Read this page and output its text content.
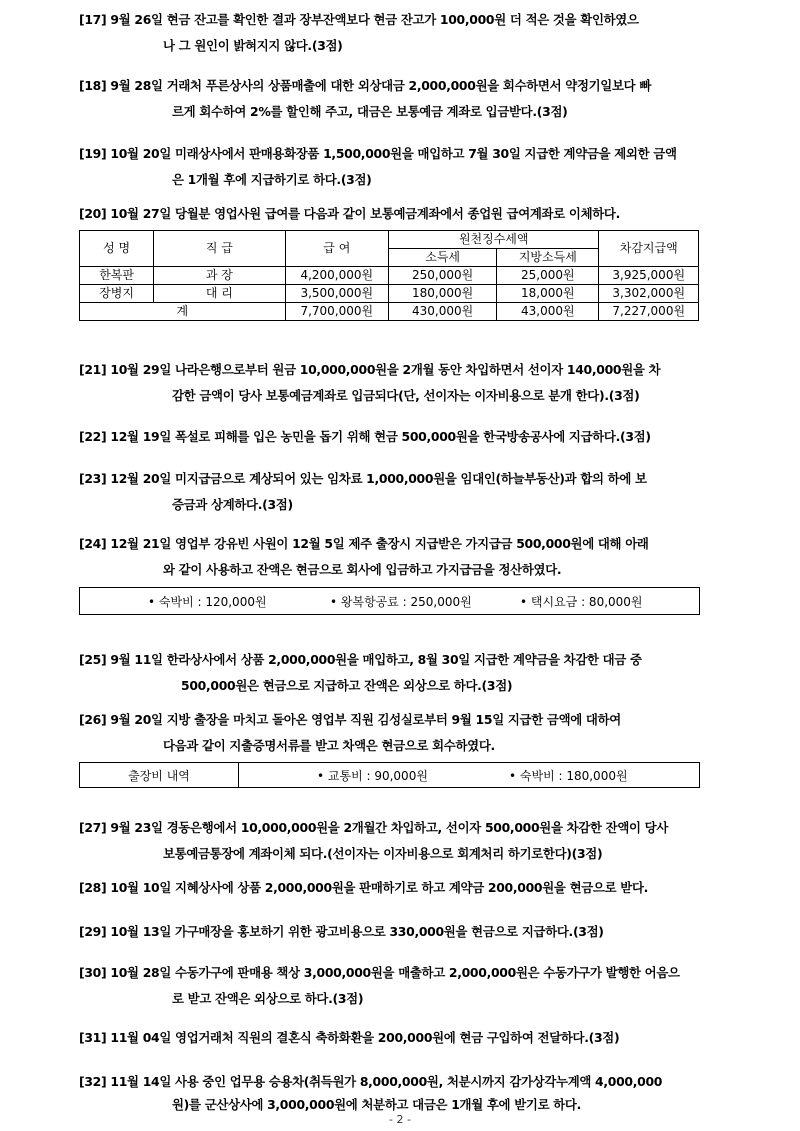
[17] 9월 26일 현금 잔고를 확인한 결과 장부잔액보다 현금 잔고가 100,000원 더 적은 것을 확인하였으
나 그 원인이 밝혀지지 않다.(3점)
[18] 9월 28일 거래처 푸른상사의 상품매출에 대한 외상대금 2,000,000원을 회수하면서 약정기일보다 빠
르게 회수하여 2%를 할인해 주고, 대금은 보통예금 계좌로 입금받다.(3점)
[19] 10월 20일 미래상사에서 판매용화장품 1,500,000원을 매입하고 7월 30일 지급한 계약금을 제외한 금액
은 1개월 후에 지급하기로 하다.(3점)
[20] 10월 27일 당월분 영업사원 급여를 다음과 같이 보통예금계좌에서 종업원 급여계좌로 이체하다.
성 명	직 급	급 여	원천징수세액		차감지급액
			소득세	지방소득세	
한복판	과 장	4,200,000원	250,000원	25,000원	3,925,000원
장병지	대 리	3,500,000원	180,000원	18,000원	3,302,000원
계		7,700,000원	430,000원	43,000원	7,227,000원
[21] 10월 29일 나라은행으로부터 원금 10,000,000원을 2개월 동안 차입하면서 선이자 140,000원을 차
감한 금액이 당사 보통예금계좌로 입금되다(단, 선이자는 이자비용으로 분개 한다).(3점)
[22] 12월 19일 폭설로 피해를 입은 농민을 돕기 위해 현금 500,000원을 한국방송공사에 지급하다.(3점)
[23] 12월 20일 미지급금으로 계상되어 있는 임차료 1,000,000원을 임대인(하늘부동산)과 합의 하에 보
증금과 상계하다.(3점)
[24] 12월 21일 영업부 강유빈 사원이 12월 5일 제주 출장시 지급받은 가지급금 500,000원에 대해 아래
와 같이 사용하고 잔액은 현금으로 회사에 입금하고 가지급금을 정산하였다.
• 숙박비 : 120,000원	• 왕복항공료 : 250,000원	• 택시요금 : 80,000원
[25] 9월 11일 한라상사에서 상품 2,000,000원을 매입하고, 8월 30일 지급한 계약금을 차감한 대금 중
500,000원은 현금으로 지급하고 잔액은 외상으로 하다.(3점)
[26] 9월 20일 지방 출장을 마치고 돌아온 영업부 직원 김성실로부터 9월 15일 지급한 금액에 대하여
다음과 같이 지출증명서류를 받고 차액은 현금으로 회수하였다.
출장비 내역	• 교통비 : 90,000원	• 숙박비 : 180,000원
[27] 9월 23일 경동은행에서 10,000,000원을 2개월간 차입하고, 선이자 500,000원을 차감한 잔액이 당사
보통예금통장에 계좌이체 되다.(선이자는 이자비용으로 회계처리 하기로한다)(3점)
[28] 10월 10일 지혜상사에 상품 2,000,000원을 판매하기로 하고 계약금 200,000원을 현금으로 받다.
[29] 10월 13일 가구매장을 홍보하기 위한 광고비용으로 330,000원을 현금으로 지급하다.(3점)
[30] 10월 28일 수동가구에 판매용 책상 3,000,000원을 매출하고 2,000,000원은 수동가구가 발행한 어음으
로 받고 잔액은 외상으로 하다.(3점)
[31] 11월 04일 영업거래처 직원의 결혼식 축하화환을 200,000원에 현금 구입하여 전달하다.(3점)
[32] 11월 14일 사용 중인 업무용 승용차(취득원가 8,000,000원, 처분시까지 감가상각누계액 4,000,000
원)를 군산상사에 3,000,000원에 처분하고 대금은 1개월 후에 받기로 하다.
- 2 -
